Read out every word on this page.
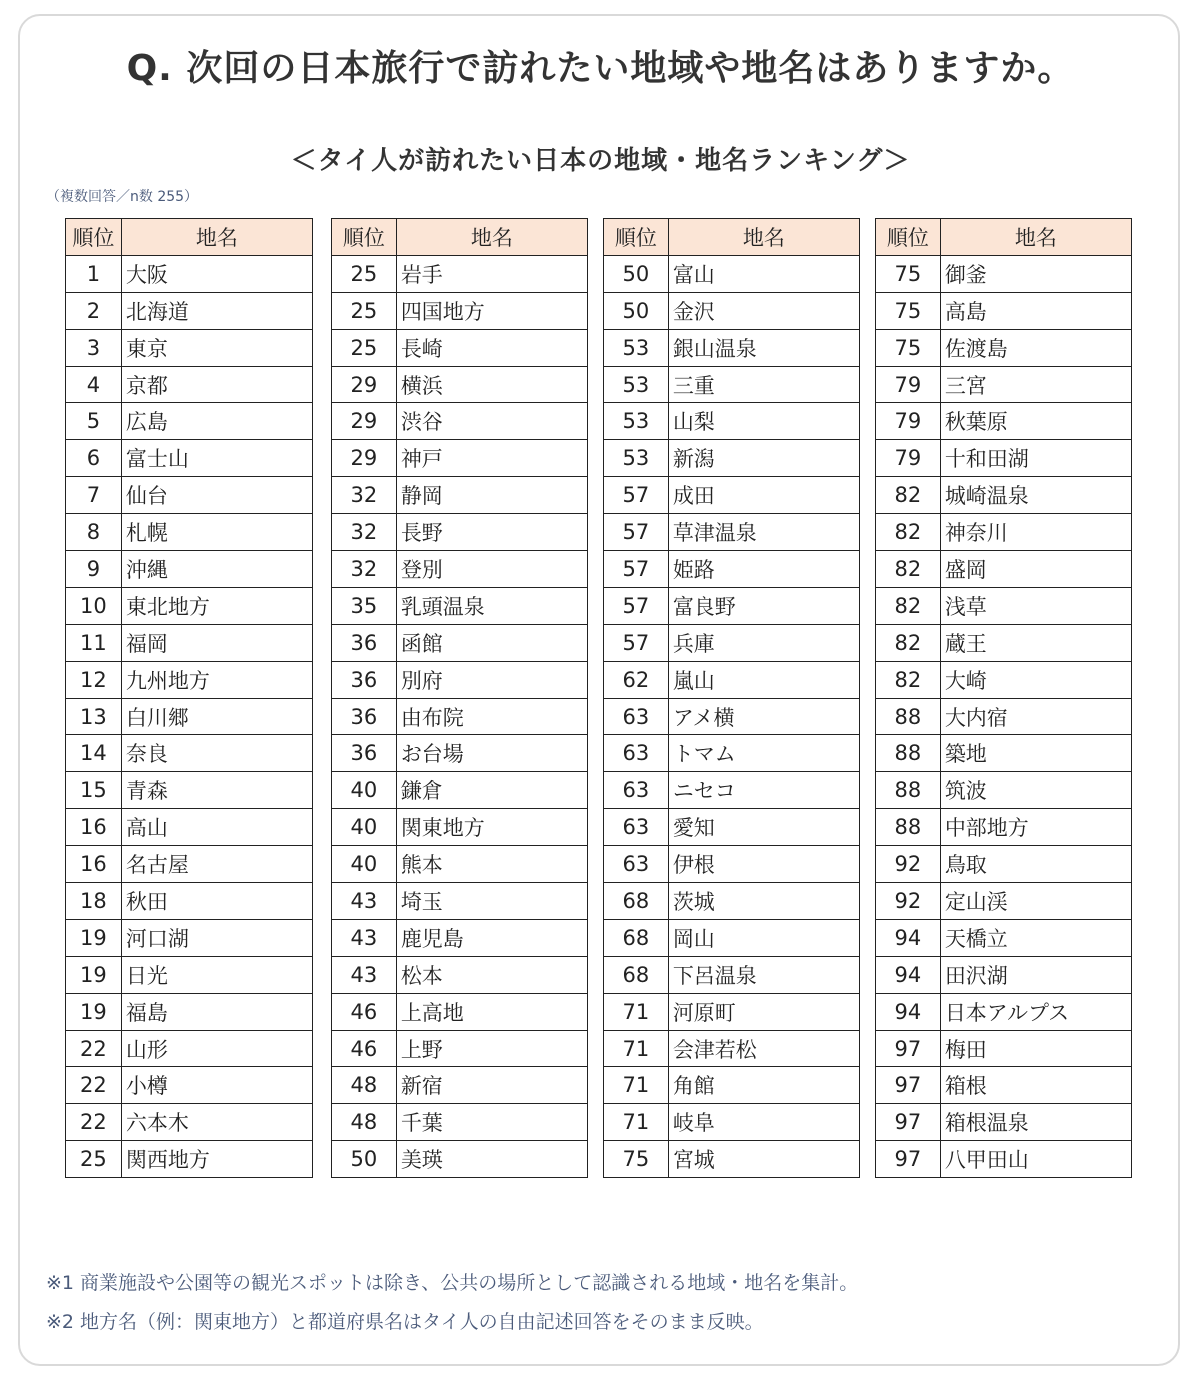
Q. 次回の日本旅行で訪れたい地域や地名はありますか。
＜タイ人が訪れたい日本の地域・地名ランキング＞
（複数回答／n数 255）
順位	地名
1	大阪
2	北海道
3	東京
4	京都
5	広島
6	富士山
7	仙台
8	札幌
9	沖縄
10	東北地方
11	福岡
12	九州地方
13	白川郷
14	奈良
15	青森
16	高山
16	名古屋
18	秋田
19	河口湖
19	日光
19	福島
22	山形
22	小樽
22	六本木
25	関西地方
順位	地名
25	岩手
25	四国地方
25	長崎
29	横浜
29	渋谷
29	神戸
32	静岡
32	長野
32	登別
35	乳頭温泉
36	函館
36	別府
36	由布院
36	お台場
40	鎌倉
40	関東地方
40	熊本
43	埼玉
43	鹿児島
43	松本
46	上高地
46	上野
48	新宿
48	千葉
50	美瑛
順位	地名
50	富山
50	金沢
53	銀山温泉
53	三重
53	山梨
53	新潟
57	成田
57	草津温泉
57	姫路
57	富良野
57	兵庫
62	嵐山
63	アメ横
63	トマム
63	ニセコ
63	愛知
63	伊根
68	茨城
68	岡山
68	下呂温泉
71	河原町
71	会津若松
71	角館
71	岐阜
75	宮城
順位	地名
75	御釜
75	高島
75	佐渡島
79	三宮
79	秋葉原
79	十和田湖
82	城崎温泉
82	神奈川
82	盛岡
82	浅草
82	蔵王
82	大崎
88	大内宿
88	築地
88	筑波
88	中部地方
92	鳥取
92	定山渓
94	天橋立
94	田沢湖
94	日本アルプス
97	梅田
97	箱根
97	箱根温泉
97	八甲田山
※1 商業施設や公園等の観光スポットは除き、公共の場所として認識される地域・地名を集計。
※2 地方名（例：関東地方）と都道府県名はタイ人の自由記述回答をそのまま反映。
